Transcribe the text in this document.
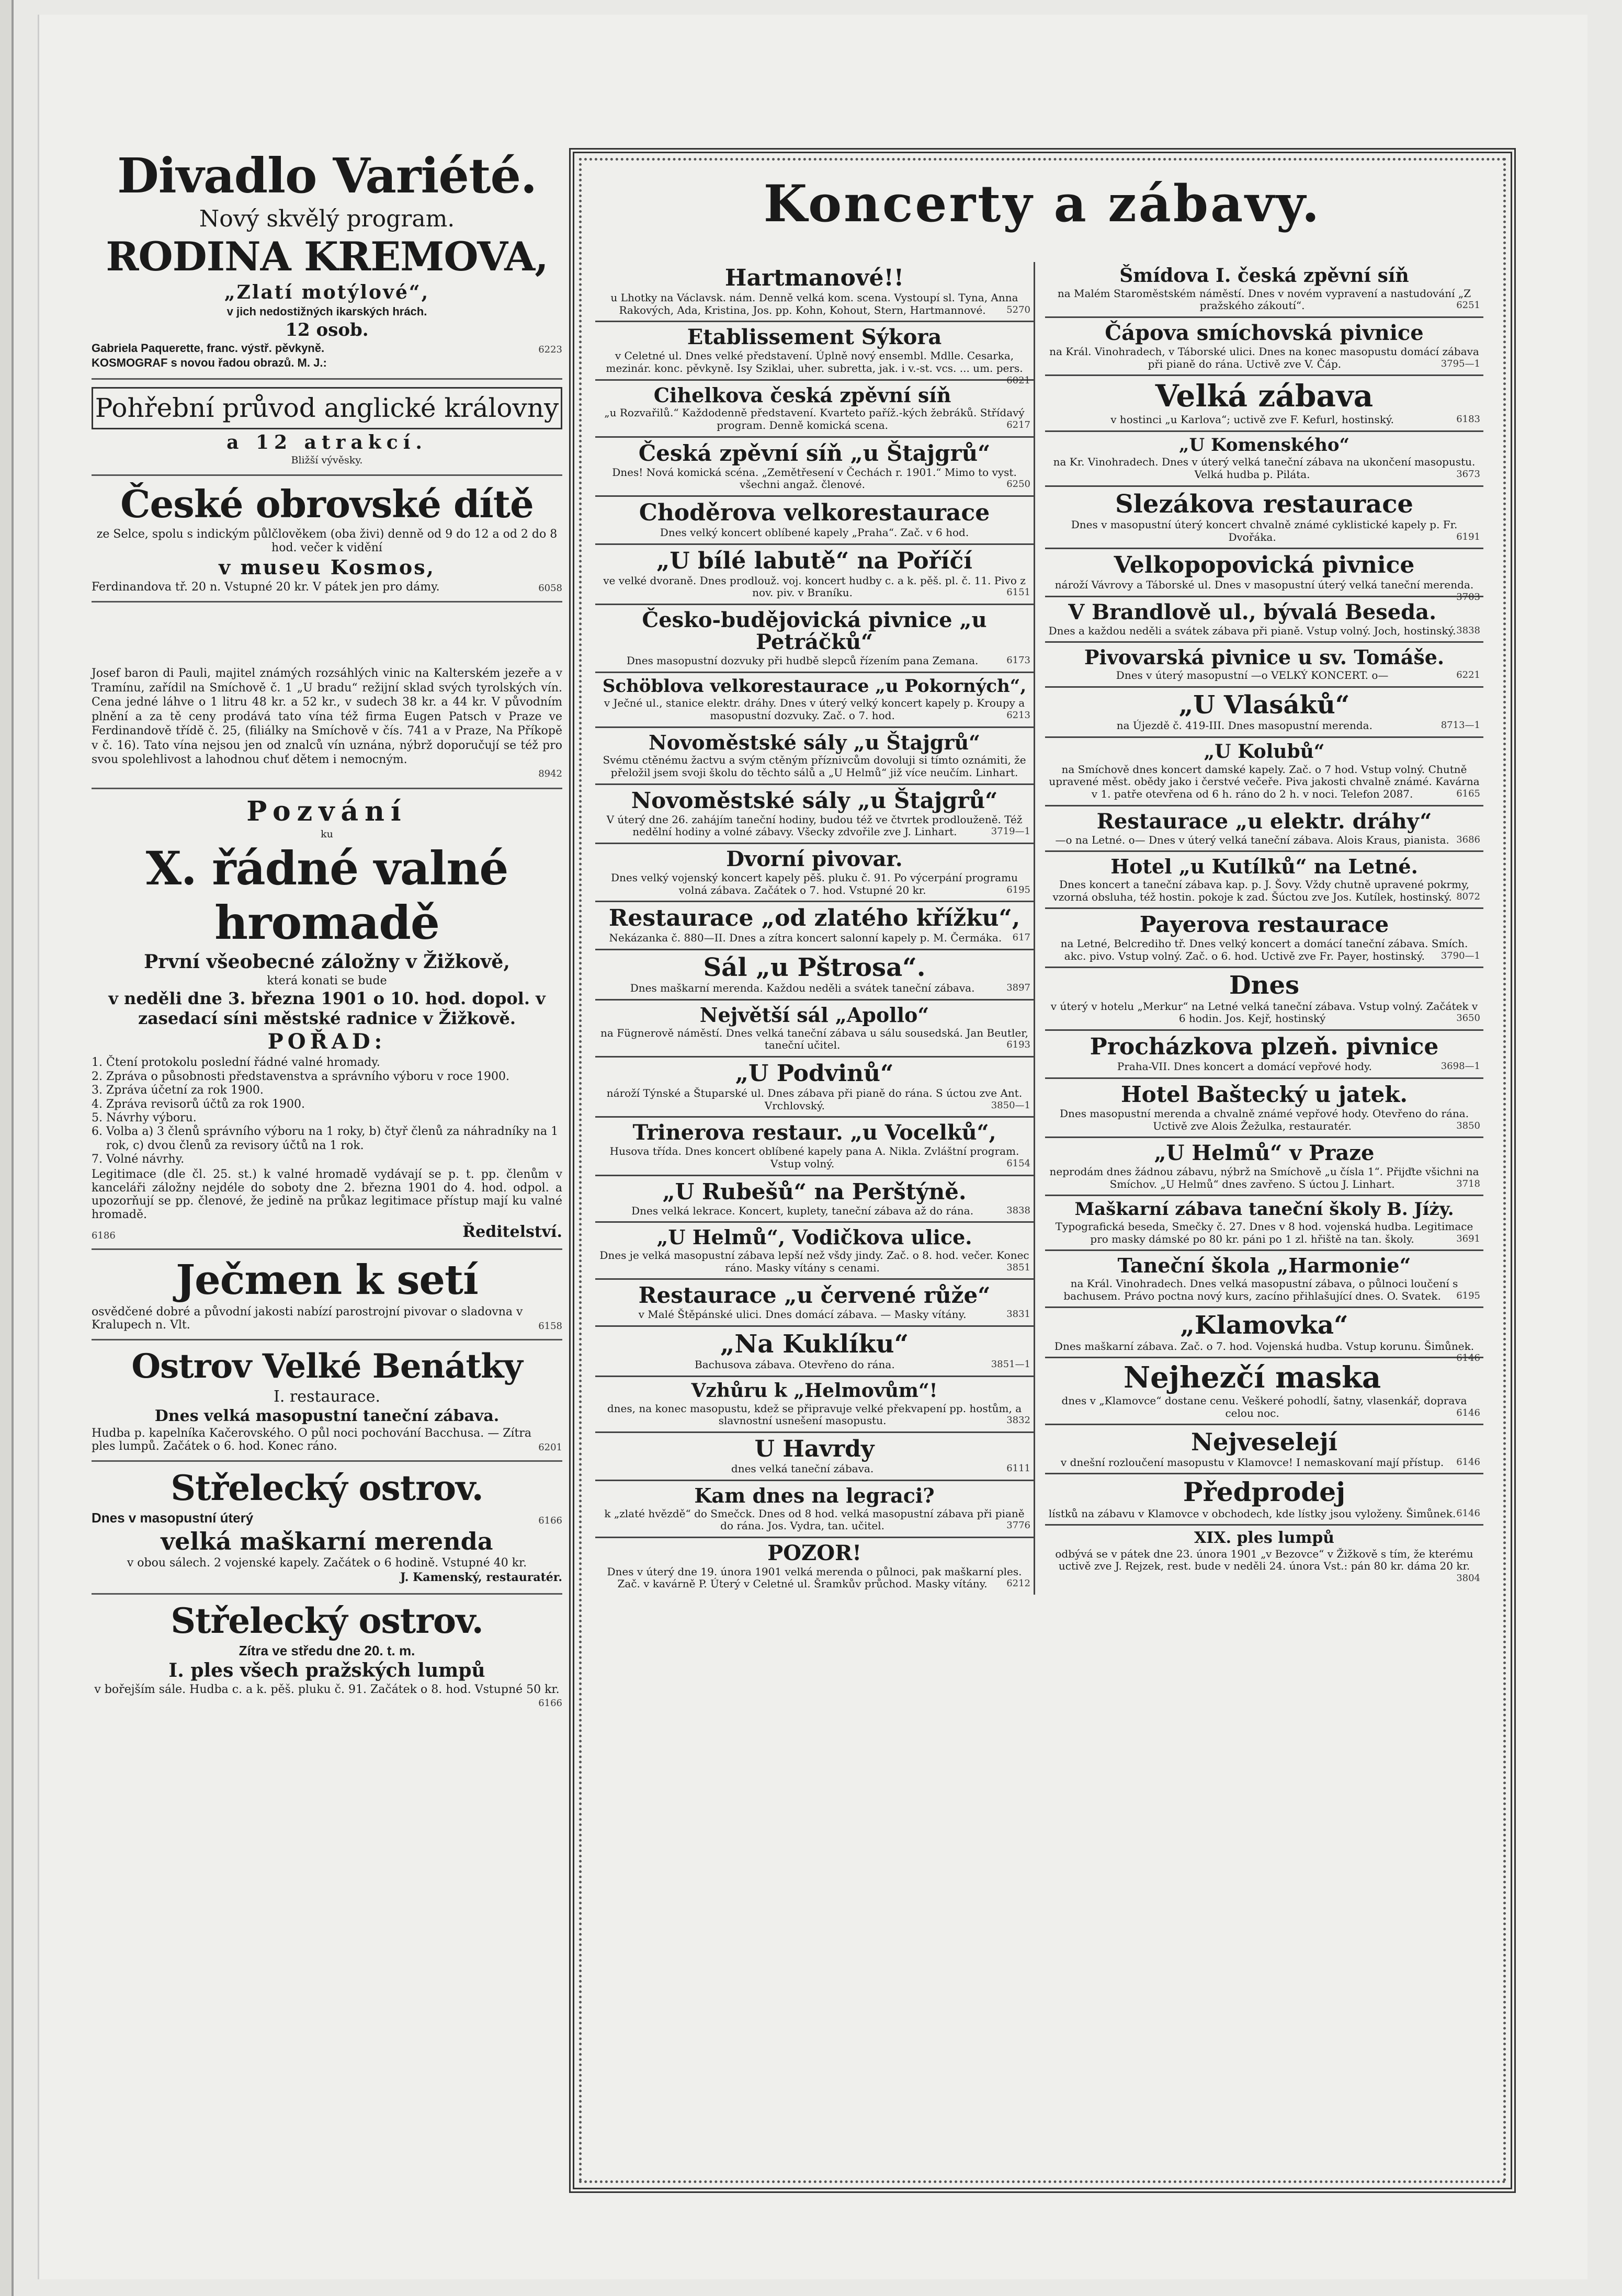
Divadlo Variété.

Nový skvělý program.

RODINA KREMOVA,

„Zlatí motýlové“,

v jich nedostižných ikarských hrách.

12 osob.

Gabriela Paquerette, franc. výstř. pěvkyně.	6223

KOSMOGRAF s novou řadou obrazů. M. J.:

Pohřební průvod anglické královny

a 12 atrakcí.

Bližší vývěsky.

České obrovské dítě

ze Selce, spolu s indickým půlčlověkem (oba živi) denně od 9 do 12 a od 2 do 8 hod. večer k vidění

v museu Kosmos,

Ferdinandova tř. 20 n. Vstupné 20 kr. V pátek jen pro dámy.	6058

Josef baron di Pauli, majitel známých rozsáhlých vinic na Kalterském jezeře a v Tramínu, zařídil na Smíchově č. 1 „U bradu“ režijní sklad svých tyrolských vín. Cena jedné láhve o 1 litru 48 kr. a 52 kr., v sudech 38 kr. a 44 kr. V původním plnění a za tě ceny prodává tato vína též firma Eugen Patsch v Praze ve Ferdinandově třídě č. 25, (filiálky na Smíchově v čís. 741 a v Praze, Na Příkopě v č. 16). Tato vína nejsou jen od znalců vín uznána, nýbrž doporučují se též pro svou spolehlivost a lahodnou chuť dětem i nemocným.

8942

Pozvání

ku

X. řádné valné hromadě

První všeobecné záložny v Žižkově,

která konati se bude

v neděli dne 3. března 1901 o 10. hod. dopol. v zasedací síni městské radnice v Žižkově.

POŘAD:

1. Čtení protokolu poslední řádné valné hromady.
2. Zpráva o působnosti představenstva a správního výboru v roce 1900.
3. Zpráva účetní za rok 1900.
4. Zpráva revisorů účtů za rok 1900.
5. Návrhy výboru.
6. Volba a) 3 členů správního výboru na 1 roky, b) čtyř členů za náhradníky na 1 rok, c) dvou členů za revisory účtů na 1 rok.
7. Volné návrhy.

Legitimace (dle čl. 25. st.) k valné hromadě vydávají se p. t. pp. členům v kanceláři záložny nejdéle do soboty dne 2. března 1901 do 4. hod. odpol. a upozorňují se pp. členové, že jedině na průkaz legitimace přístup mají ku valné hromadě.

6186	Ředitelství.

Ječmen k setí

osvědčené dobré a původní jakosti nabízí parostrojní pivovar o sladovna v Kralupech n. Vlt.	6158

Ostrov Velké Benátky

I. restaurace.

Dnes velká masopustní taneční zábava.

Hudba p. kapelníka Kačerovského. O půl noci pochování Bacchusa. — Zítra ples lumpů. Začátek o 6. hod. Konec ráno.	6201

Střelecký ostrov.

Dnes v masopustní úterý	6166

velká maškarní merenda

v obou sálech. 2 vojenské kapely. Začátek o 6 hodině. Vstupné 40 kr.

J. Kamenský, restauratér.

Střelecký ostrov.

Zítra ve středu dne 20. t. m.

I. ples všech pražských lumpů

v bořejším sále. Hudba c. a k. pěš. pluku č. 91. Začátek o 8. hod. Vstupné 50 kr.

6166

Koncerty a zábavy.
Hartmanové!!
u Lhotky na Václavsk. nám. Denně velká kom. scena. Vystoupí sl. Tyna, Anna Rakových, Ada, Kristina, Jos. pp. Kohn, Kohout, Stern, Hartmannové. 5270
Etablissement Sýkora
v Celetné ul. Dnes velké představení. Úplně nový ensembl. Mdlle. Cesarka, mezinár. konc. pěvkyně. Isy Sziklai, uher. subretta, jak. i v.-st. vcs. ... um. pers.
6021
Cihelkova česká zpěvní síň
„u Rozvařilů.“ Každodenně představení. Kvarteto paříž.-kých žebráků. Střídavý program. Denně komická scena.	6217
Česká zpěvní síň „u Štajgrů“
Dnes! Nová komická scéna. „Zemětřesení v Čechách r. 1901.“ Mimo to vyst. všechni angaž. členové.	6250
Choděrova velkorestaurace
Dnes velký koncert oblíbené kapely „Praha“. Zač. v 6 hod.
„U bílé labutě“ na Poříčí
ve velké dvoraně. Dnes prodlouž. voj. koncert hudby c. a k. pěš. pl. č. 11. Pivo z nov. piv. v Braníku.	6151
Česko-budějovická pivnice „u Petráčků“
Dnes masopustní dozvuky při hudbě slepců řízením pana Zemana.	6173
Schöblova velkorestaurace „u Pokorných“,
v Ječné ul., stanice elektr. dráhy. Dnes v úterý velký koncert kapely p. Kroupy a masopustní dozvuky. Zač. o 7. hod.	6213
Novoměstské sály „u Štajgrů“
Svému ctěnému žactvu a svým ctěným příznivcům dovoluji si tímto oznámiti, že přeložil jsem svoji školu do těchto sálů a „U Helmů“ již více neučím. Linhart.
Novoměstské sály „u Štajgrů“
V úterý dne 26. zahájím taneční hodiny, budou též ve čtvrtek prodlouženě. Též nedělní hodiny a volné zábavy. Všecky zdvořile zve J. Linhart.	3719—1
Dvorní pivovar.
Dnes velký vojenský koncert kapely pěš. pluku č. 91. Po výcerpání programu volná zábava. Začátek o 7. hod. Vstupné 20 kr.	6195
Restaurace „od zlatého křížku“,
Nekázanka č. 880—II. Dnes a zítra koncert salonní kapely p. M. Čermáka. 617
Sál „u Pštrosa“.
Dnes maškarní merenda. Každou neděli a svátek taneční zábava.	3897
Největší sál „Apollo“
na Fügnerově náměstí. Dnes velká taneční zábava u sálu sousedská. Jan Beutler, taneční učitel.	6193
„U Podvinů“
nároží Týnské a Štuparské ul. Dnes zábava při pianě do rána. S úctou zve Ant. Vrchlovský.	3850—1
Trinerova restaur. „u Vocelků“,
Husova třída. Dnes koncert oblíbené kapely pana A. Nikla. Zvláštní program. Vstup volný.	6154
„U Rubešů“ na Perštýně.
Dnes velká lekrace. Koncert, kuplety, taneční zábava až do rána.	3838
„U Helmů“, Vodičkova ulice.
Dnes je velká masopustní zábava lepší než všdy jindy. Zač. o 8. hod. večer. Konec ráno. Masky vítány s cenami.	3851
Restaurace „u červené růže“
v Malé Štěpánské ulici. Dnes domácí zábava. — Masky vítány.	3831
„Na Kuklíku“
Bachusova zábava. Otevřeno do rána.	3851—1
Vzhůru k „Helmovům“!
dnes, na konec masopustu, kdež se připravuje velké překvapení pp. hostům, a slavnostní usnešení masopustu.	3832
U Havrdy
dnes velká taneční zábava.	6111
Kam dnes na legraci?
k „zlaté hvězdě“ do Smečck. Dnes od 8 hod. velká masopustní zábava při pianě do rána. Jos. Vydra, tan. učitel.	3776
POZOR!
Dnes v úterý dne 19. února 1901 velká merenda o půlnoci, pak maškarní ples. Zač. v kavárně P. Úterý v Celetné ul. Šramkův průchod. Masky vítány. 6212
Šmídova I. česká zpěvní síň
na Malém Staroměstském náměstí. Dnes v novém vypravení a nastudování „Z pražského zákoutí“.	6251
Čápova smíchovská pivnice
na Král. Vinohradech, v Táborské ulici. Dnes na konec masopustu domácí zábava při pianě do rána. Uctivě zve V. Čáp.	3795—1
Velká zábava
v hostinci „u Karlova“; uctivě zve F. Kefurl, hostinský.	6183
„U Komenského“
na Kr. Vinohradech. Dnes v úterý velká taneční zábava na ukončení masopustu. Velká hudba p. Piláta.	3673
Slezákova restaurace
Dnes v masopustní úterý koncert chvalně známé cyklistické kapely p. Fr. Dvořáka.	6191
Velkopopovická pivnice
nároží Vávrovy a Táborské ul. Dnes v masopustní úterý velká taneční merenda.
3703
V Brandlově ul., bývalá Beseda.
Dnes a každou neděli a svátek zábava při pianě. Vstup volný. Joch, hostinský. 3838
Pivovarská pivnice u sv. Tomáše.
Dnes v úterý masopustní —o VELKÝ KONCERT. o—	6221
„U Vlasáků“
na Újezdě č. 419-III. Dnes masopustní merenda.	8713—1
„U Kolubů“
na Smíchově dnes koncert damské kapely. Zač. o 7 hod. Vstup volný. Chutně upravené měst. obědy jako i čerstvé večeře. Piva jakosti chvalně známé. Kavárna v 1. patře otevřena od 6 h. ráno do 2 h. v noci. Telefon 2087.	6165
Restaurace „u elektr. dráhy“
—o na Letné. o— Dnes v úterý velká taneční zábava. Alois Kraus, pianista. 3686
Hotel „u Kutílků“ na Letné.
Dnes koncert a taneční zábava kap. p. J. Šovy. Vždy chutně upravené pokrmy, vzorná obsluha, též hostin. pokoje k zad. Šúctou zve Jos. Kutílek, hostinský. 8072
Payerova restaurace
na Letné, Belcrediho tř. Dnes velký koncert a domácí taneční zábava. Smích. akc. pivo. Vstup volný. Zač. o 6. hod. Uctivě zve Fr. Payer, hostinský. 3790—1
Dnes
v úterý v hotelu „Merkur“ na Letné velká taneční zábava. Vstup volný. Začátek v 6 hodin. Jos. Kejř, hostinský	3650
Procházkova plzeň. pivnice
Praha-VII. Dnes koncert a domácí vepřové hody.	3698—1
Hotel Baštecký u jatek.
Dnes masopustní merenda a chvalně známé vepřové hody. Otevřeno do rána. Uctivě zve Alois Žežulka, restauratér.	3850
„U Helmů“ v Praze
neprodám dnes žádnou zábavu, nýbrž na Smíchově „u čísla 1“. Přijďte všichni na Smíchov. „U Helmů“ dnes zavřeno. S úctou J. Linhart.	3718
Maškarní zábava taneční školy B. Jíży.
Typografická beseda, Smečky č. 27. Dnes v 8 hod. vojenská hudba. Legitimace pro masky dámské po 80 kr. páni po 1 zl. hřiště na tan. školy.	3691
Taneční škola „Harmonie“
na Král. Vinohradech. Dnes velká masopustní zábava, o půlnoci loučení s bachusem. Právo poctna nový kurs, zacíno přihlašující dnes. O. Svatek. 6195
„Klamovka“
Dnes maškarní zábava. Zač. o 7. hod. Vojenská hudba. Vstup korunu. Šimůnek.
6146
Nejhezčí maska
dnes v „Klamovce“ dostane cenu. Veškeré pohodlí, šatny, vlasenkář, doprava celou noc.	6146
Nejveselejí
v dnešní rozloučení masopustu v Klamovce! I nemaskovaní mají přístup. 6146
Předprodej
lístků na zábavu v Klamovce v obchodech, kde lístky jsou vyloženy. Šimůnek. 6146
XIX. ples lumpů
odbývá se v pátek dne 23. února 1901 „v Bezovce“ v Žižkově s tím, že kterému uctivě zve J. Rejzek, rest. bude v neděli 24. února Vst.: pán 80 kr. dáma 20 kr.
3804
